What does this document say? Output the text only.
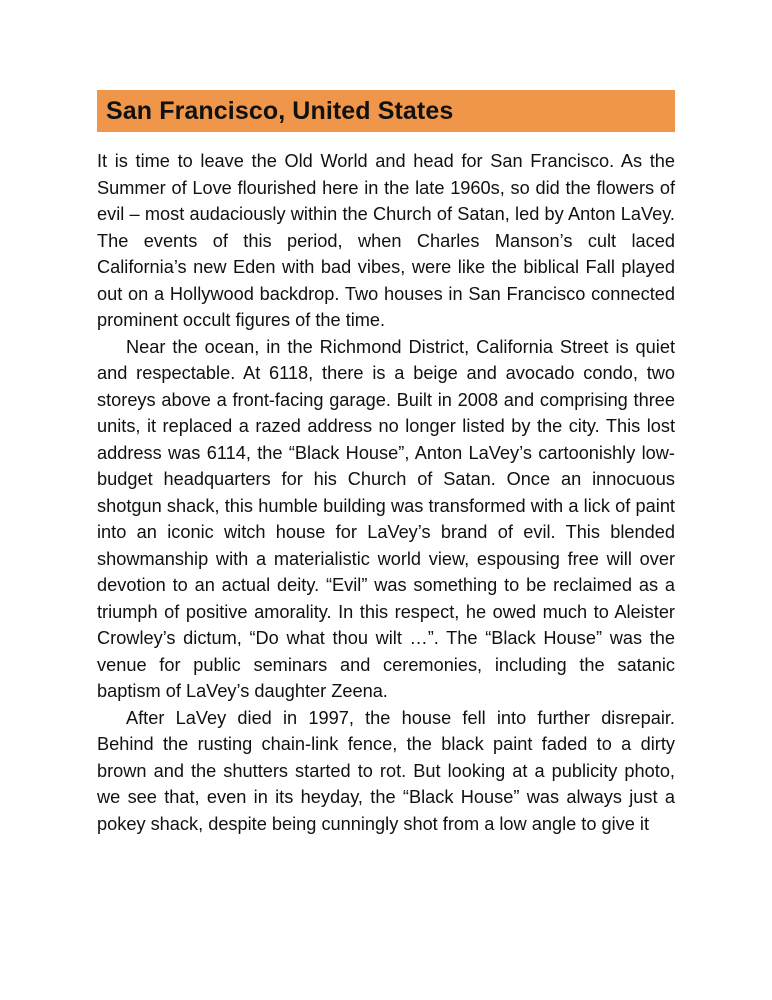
San Francisco, United States

It is time to leave the Old World and head for San Francisco. As the Summer of Love flourished here in the late 1960s, so did the flowers of evil – most audaciously within the Church of Satan, led by Anton LaVey. The events of this period, when Charles Manson’s cult laced California’s new Eden with bad vibes, were like the biblical Fall played out on a Hollywood backdrop. Two houses in San Francisco connected prominent occult figures of the time.

Near the ocean, in the Richmond District, California Street is quiet and respectable. At 6118, there is a beige and avocado condo, two storeys above a front-facing garage. Built in 2008 and comprising three units, it replaced a razed address no longer listed by the city. This lost address was 6114, the “Black House”, Anton LaVey’s cartoonishly low-budget headquarters for his Church of Satan. Once an innocuous shotgun shack, this humble building was transformed with a lick of paint into an iconic witch house for LaVey’s brand of evil. This blended showmanship with a materialistic world view, espousing free will over devotion to an actual deity. “Evil” was something to be reclaimed as a triumph of positive amorality. In this respect, he owed much to Aleister Crowley’s dictum, “Do what thou wilt …”. The “Black House” was the venue for public seminars and ceremonies, including the satanic baptism of LaVey’s daughter Zeena.

After LaVey died in 1997, the house fell into further disrepair. Behind the rusting chain-link fence, the black paint faded to a dirty brown and the shutters started to rot. But looking at a publicity photo, we see that, even in its heyday, the “Black House” was always just a pokey shack, despite being cunningly shot from a low angle to give it
